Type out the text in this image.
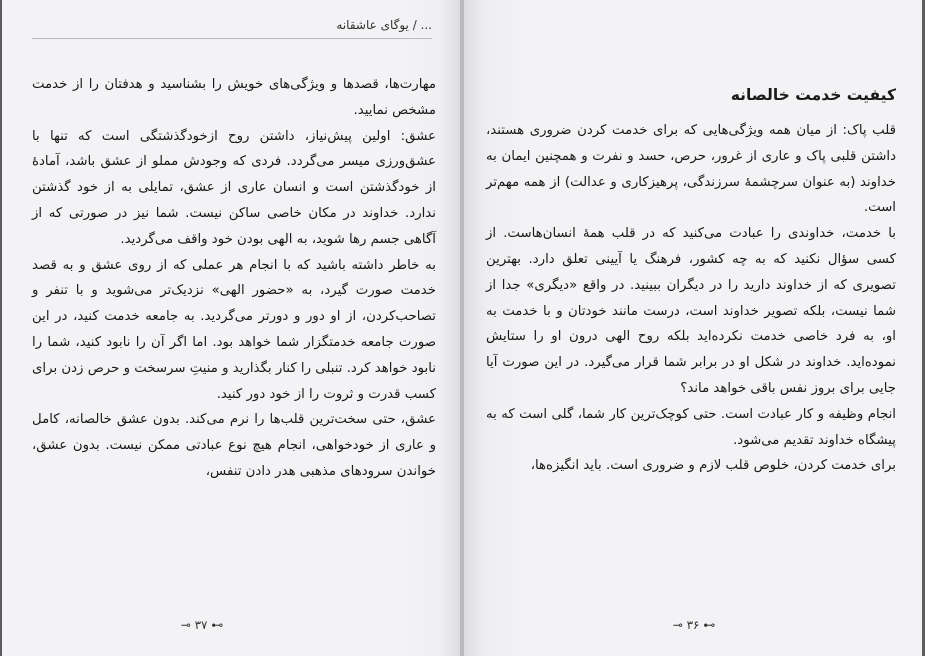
... / یوگای عاشقانه

مهارت‌ها، قصدها و ویژگی‌های خویش را بشناسید و هدفتان را از خدمت مشخص نمایید.

عشق: اولین پیش‌نیاز، داشتن روح ازخودگذشتگی است که تنها با عشق‌ورزی میسر می‌گردد. فردی که وجودش مملو از عشق باشد، آمادهٔ از خودگذشتن است و انسان عاری از عشق، تمایلی به از خود گذشتن ندارد. خداوند در مکان خاصی ساکن نیست. شما نیز در صورتی که از آگاهی جسم رها شوید، به الهی بودن خود واقف می‌گردید.

به خاطر داشته باشید که با انجام هر عملی که از روی عشق و به قصد خدمت صورت گیرد، به «حضور الهی» نزدیک‌تر می‌شوید و با تنفر و تصاحب‌کردن، از او دور و دورتر می‌گردید. به جامعه خدمت کنید، در این صورت جامعه خدمتگزار شما خواهد بود. اما اگر آن را نابود کنید، شما را نابود خواهد کرد. تنبلی را کنار بگذارید و منیتِ سرسخت و حرص زدن برای کسب قدرت و ثروت را از خود دور کنید.

عشق، حتی سخت‌ترین قلب‌ها را نرم می‌کند. بدون عشق خالصانه، کامل و عاری از خودخواهی، انجام هیچ نوع عبادتی ممکن نیست. بدون عشق، خواندن سرودهای مذهبی هدر دادن تنفس،

⊸ ۳۷ ⊷
کیفیت خدمت خالصانه

قلب پاک: از میان همه ویژگی‌هایی که برای خدمت کردن ضروری هستند، داشتن قلبی پاک و عاری از غرور، حرص، حسد و نفرت و همچنین ایمان به خداوند (به عنوان سرچشمهٔ سرزندگی، پرهیزکاری و عدالت) از همه مهم‌تر است.

با خدمت، خداوندی را عبادت می‌کنید که در قلب همهٔ انسان‌هاست. از کسی سؤال نکنید که به چه کشور، فرهنگ یا آیینی تعلق دارد. بهترین تصویری که از خداوند دارید را در دیگران ببینید. در واقع «دیگری» جدا از شما نیست، بلکه تصویر خداوند است، درست مانند خودتان و با خدمت به او، به فرد خاصی خدمت نکرده‌اید بلکه روح الهی درون او را ستایش نموده‌اید. خداوند در شکل او در برابر شما قرار می‌گیرد. در این صورت آیا جایی برای بروز نفس باقی خواهد ماند؟

انجام وظیفه و کار عبادت است. حتی کوچک‌ترین کار شما، گلی است که به پیشگاه خداوند تقدیم می‌شود.

برای خدمت کردن، خلوص قلب لازم و ضروری است. باید انگیزه‌ها،

⊸ ۳۶ ⊷
